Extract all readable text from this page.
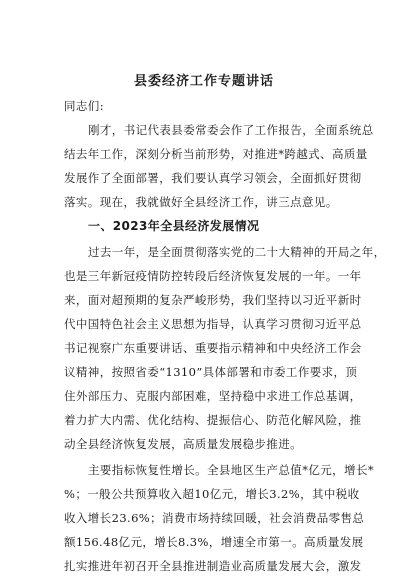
县委经济工作专题讲话
同志们:
刚才，书记代表县委常委会作了工作报告，全面系统总
结去年工作，深刻分析当前形势，对推进*跨越式、高质量
发展作了全面部署，我们要认真学习领会，全面抓好贯彻
落实。现在，我就做好全县经济工作，讲三点意见。
一、2023年全县经济发展情况
过去一年，是全面贯彻落实党的二十大精神的开局之年，
也是三年新冠疫情防控转段后经济恢复发展的一年。一年
来，面对超预期的复杂严峻形势，我们坚持以习近平新时
代中国特色社会主义思想为指导，认真学习贯彻习近平总
书记视察广东重要讲话、重要指示精神和中央经济工作会
议精神，按照省委“1310”具体部署和市委工作要求，顶
住外部压力、克服内部困难，坚持稳中求进工作总基调，
着力扩大内需、优化结构、提振信心、防范化解风险，推
动全县经济恢复发展，高质量发展稳步推进。
主要指标恢复性增长。全县地区生产总值*亿元，增长*
%；一般公共预算收入超10亿元，增长3.2%，其中税收
收入增长23.6%；消费市场持续回暖，社会消费品零售总
额156.48亿元，增长8.3%，增速全市第一。高质量发展
扎实推进年初召开全县推进制造业高质量发展大会，激发
